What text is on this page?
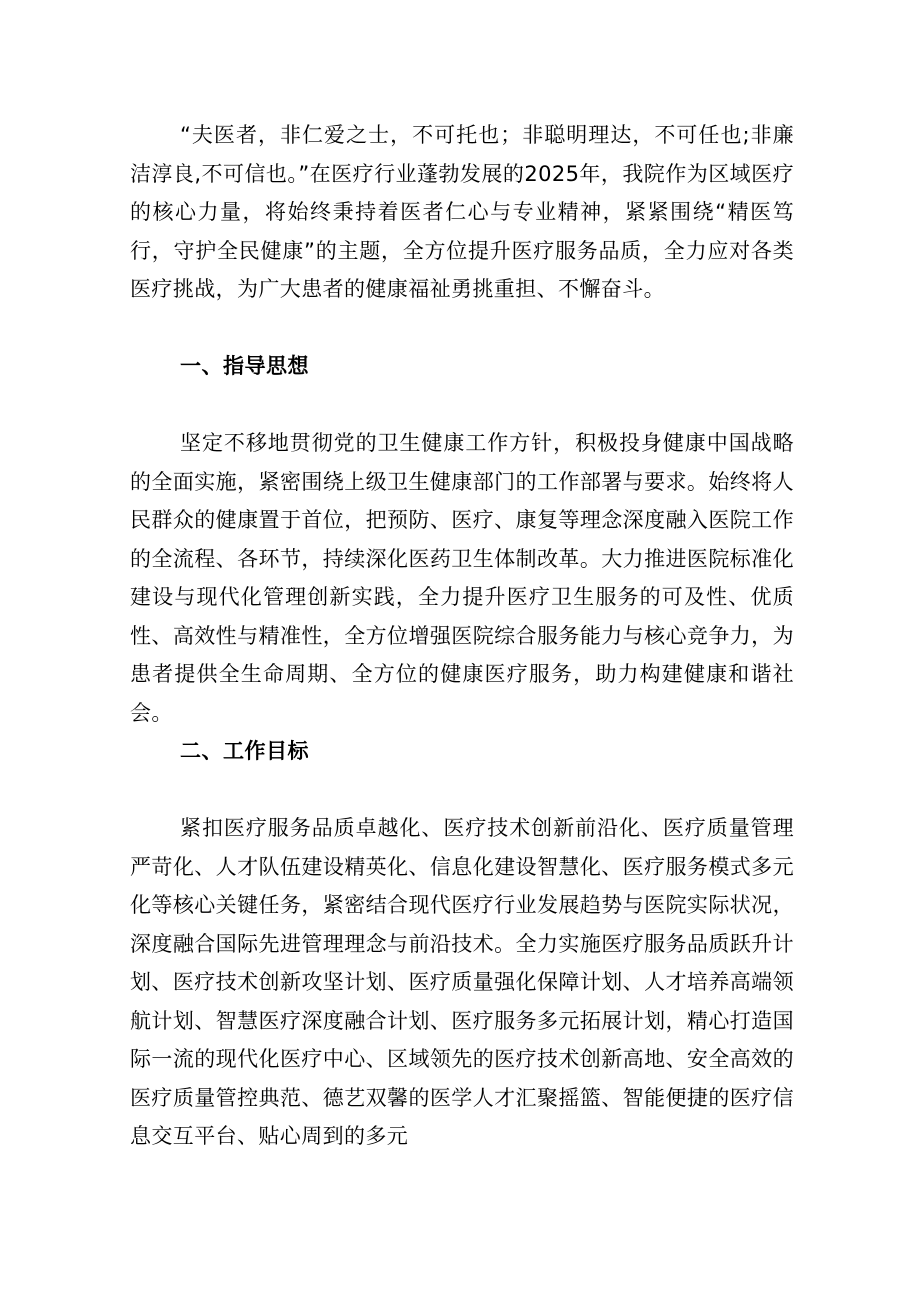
“夫医者，非仁爱之士，不可托也；非聪明理达，不可任也;非廉洁淳良,不可信也。”在医疗行业蓬勃发展的2025年，我院作为区域医疗的核心力量，将始终秉持着医者仁心与专业精神，紧紧围绕“精医笃行，守护全民健康”的主题，全方位提升医疗服务品质，全力应对各类医疗挑战，为广大患者的健康福祉勇挑重担、不懈奋斗。

一、指导思想

坚定不移地贯彻党的卫生健康工作方针，积极投身健康中国战略的全面实施，紧密围绕上级卫生健康部门的工作部署与要求。始终将人民群众的健康置于首位，把预防、医疗、康复等理念深度融入医院工作的全流程、各环节，持续深化医药卫生体制改革。大力推进医院标准化建设与现代化管理创新实践，全力提升医疗卫生服务的可及性、优质性、高效性与精准性，全方位增强医院综合服务能力与核心竞争力，为患者提供全生命周期、全方位的健康医疗服务，助力构建健康和谐社会。

二、工作目标

紧扣医疗服务品质卓越化、医疗技术创新前沿化、医疗质量管理严苛化、人才队伍建设精英化、信息化建设智慧化、医疗服务模式多元化等核心关键任务，紧密结合现代医疗行业发展趋势与医院实际状况，深度融合国际先进管理理念与前沿技术。全力实施医疗服务品质跃升计划、医疗技术创新攻坚计划、医疗质量强化保障计划、人才培养高端领航计划、智慧医疗深度融合计划、医疗服务多元拓展计划，精心打造国际一流的现代化医疗中心、区域领先的医疗技术创新高地、安全高效的医疗质量管控典范、德艺双馨的医学人才汇聚摇篮、智能便捷的医疗信息交互平台、贴心周到的多元
